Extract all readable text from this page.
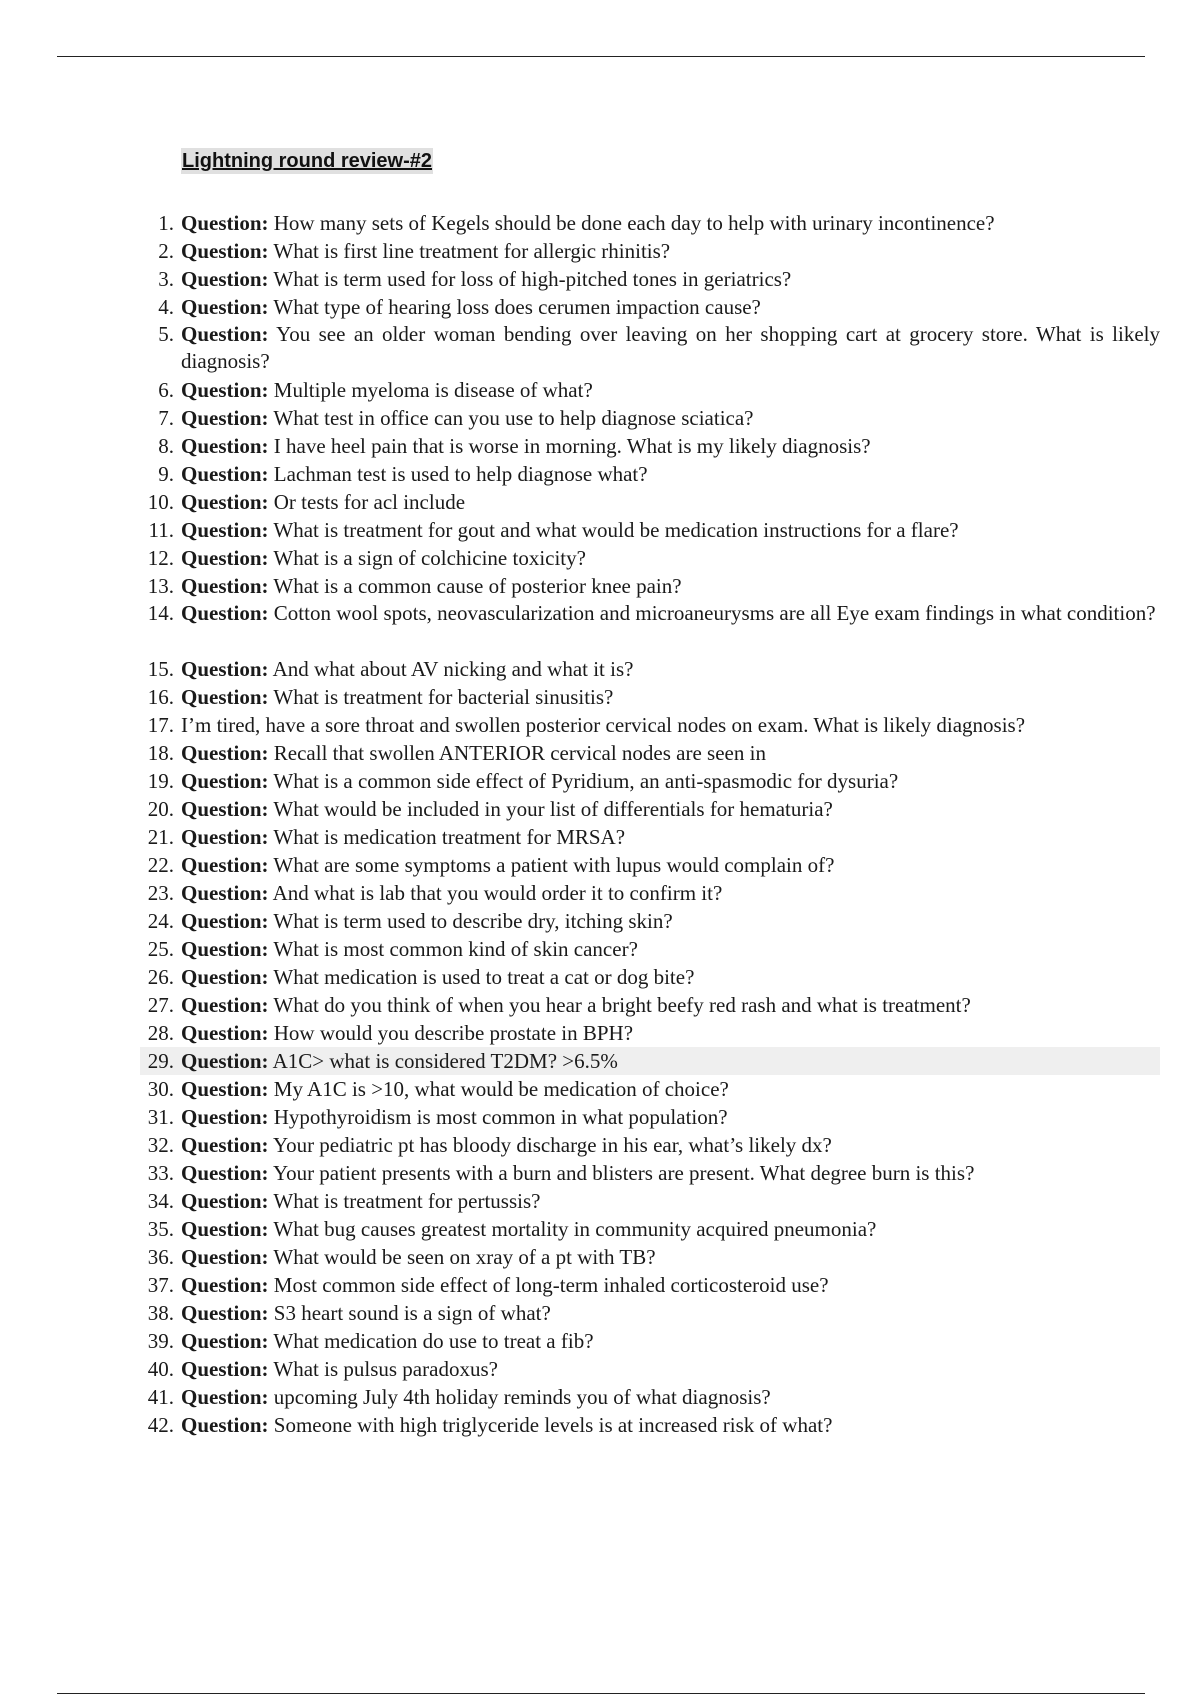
Lightning round review-#2
1. Question: How many sets of Kegels should be done each day to help with urinary incontinence?
2. Question: What is first line treatment for allergic rhinitis?
3. Question: What is term used for loss of high-pitched tones in geriatrics?
4. Question: What type of hearing loss does cerumen impaction cause?
5. Question: You see an older woman bending over leaving on her shopping cart at grocery store. What is likely diagnosis?
6. Question: Multiple myeloma is disease of what?
7. Question: What test in office can you use to help diagnose sciatica?
8. Question: I have heel pain that is worse in morning. What is my likely diagnosis?
9. Question: Lachman test is used to help diagnose what?
10. Question: Or tests for acl include
11. Question: What is treatment for gout and what would be medication instructions for a flare?
12. Question: What is a sign of colchicine toxicity?
13. Question: What is a common cause of posterior knee pain?
14. Question: Cotton wool spots, neovascularization and microaneurysms are all Eye exam findings in what condition?
15. Question: And what about AV nicking and what it is?
16. Question: What is treatment for bacterial sinusitis?
17. I’m tired, have a sore throat and swollen posterior cervical nodes on exam. What is likely diagnosis?
18. Question: Recall that swollen ANTERIOR cervical nodes are seen in
19. Question: What is a common side effect of Pyridium, an anti-spasmodic for dysuria?
20. Question: What would be included in your list of differentials for hematuria?
21. Question: What is medication treatment for MRSA?
22. Question: What are some symptoms a patient with lupus would complain of?
23. Question: And what is lab that you would order it to confirm it?
24. Question: What is term used to describe dry, itching skin?
25. Question: What is most common kind of skin cancer?
26. Question: What medication is used to treat a cat or dog bite?
27. Question: What do you think of when you hear a bright beefy red rash and what is treatment?
28. Question: How would you describe prostate in BPH?
29. Question: A1C> what is considered T2DM? >6.5%
30. Question: My A1C is >10, what would be medication of choice?
31. Question: Hypothyroidism is most common in what population?
32. Question: Your pediatric pt has bloody discharge in his ear, what’s likely dx?
33. Question: Your patient presents with a burn and blisters are present. What degree burn is this?
34. Question: What is treatment for pertussis?
35. Question: What bug causes greatest mortality in community acquired pneumonia?
36. Question: What would be seen on xray of a pt with TB?
37. Question: Most common side effect of long-term inhaled corticosteroid use?
38. Question: S3 heart sound is a sign of what?
39. Question: What medication do use to treat a fib?
40. Question: What is pulsus paradoxus?
41. Question: upcoming July 4th holiday reminds you of what diagnosis?
42. Question: Someone with high triglyceride levels is at increased risk of what?
